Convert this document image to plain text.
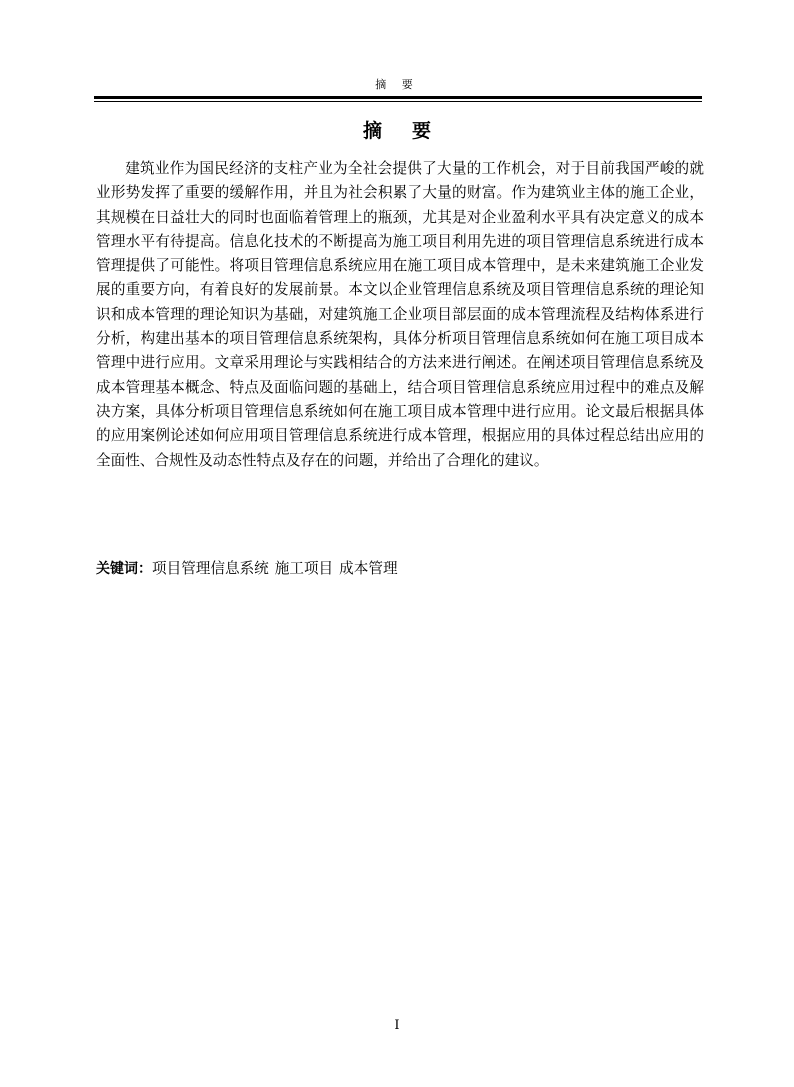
摘 要
摘要

建筑业作为国民经济的支柱产业为全社会提供了大量的工作机会，对于目前我国严峻的就业形势发挥了重要的缓解作用，并且为社会积累了大量的财富。作为建筑业主体的施工企业，其规模在日益壮大的同时也面临着管理上的瓶颈，尤其是对企业盈利水平具有决定意义的成本管理水平有待提高。信息化技术的不断提高为施工项目利用先进的项目管理信息系统进行成本管理提供了可能性。将项目管理信息系统应用在施工项目成本管理中，是未来建筑施工企业发展的重要方向，有着良好的发展前景。本文以企业管理信息系统及项目管理信息系统的理论知识和成本管理的理论知识为基础，对建筑施工企业项目部层面的成本管理流程及结构体系进行分析，构建出基本的项目管理信息系统架构，具体分析项目管理信息系统如何在施工项目成本管理中进行应用。文章采用理论与实践相结合的方法来进行阐述。在阐述项目管理信息系统及成本管理基本概念、特点及面临问题的基础上，结合项目管理信息系统应用过程中的难点及解决方案，具体分析项目管理信息系统如何在施工项目成本管理中进行应用。论文最后根据具体的应用案例论述如何应用项目管理信息系统进行成本管理，根据应用的具体过程总结出应用的全面性、合规性及动态性特点及存在的问题，并给出了合理化的建议。

关键词：项目管理信息系统 施工项目 成本管理
I
